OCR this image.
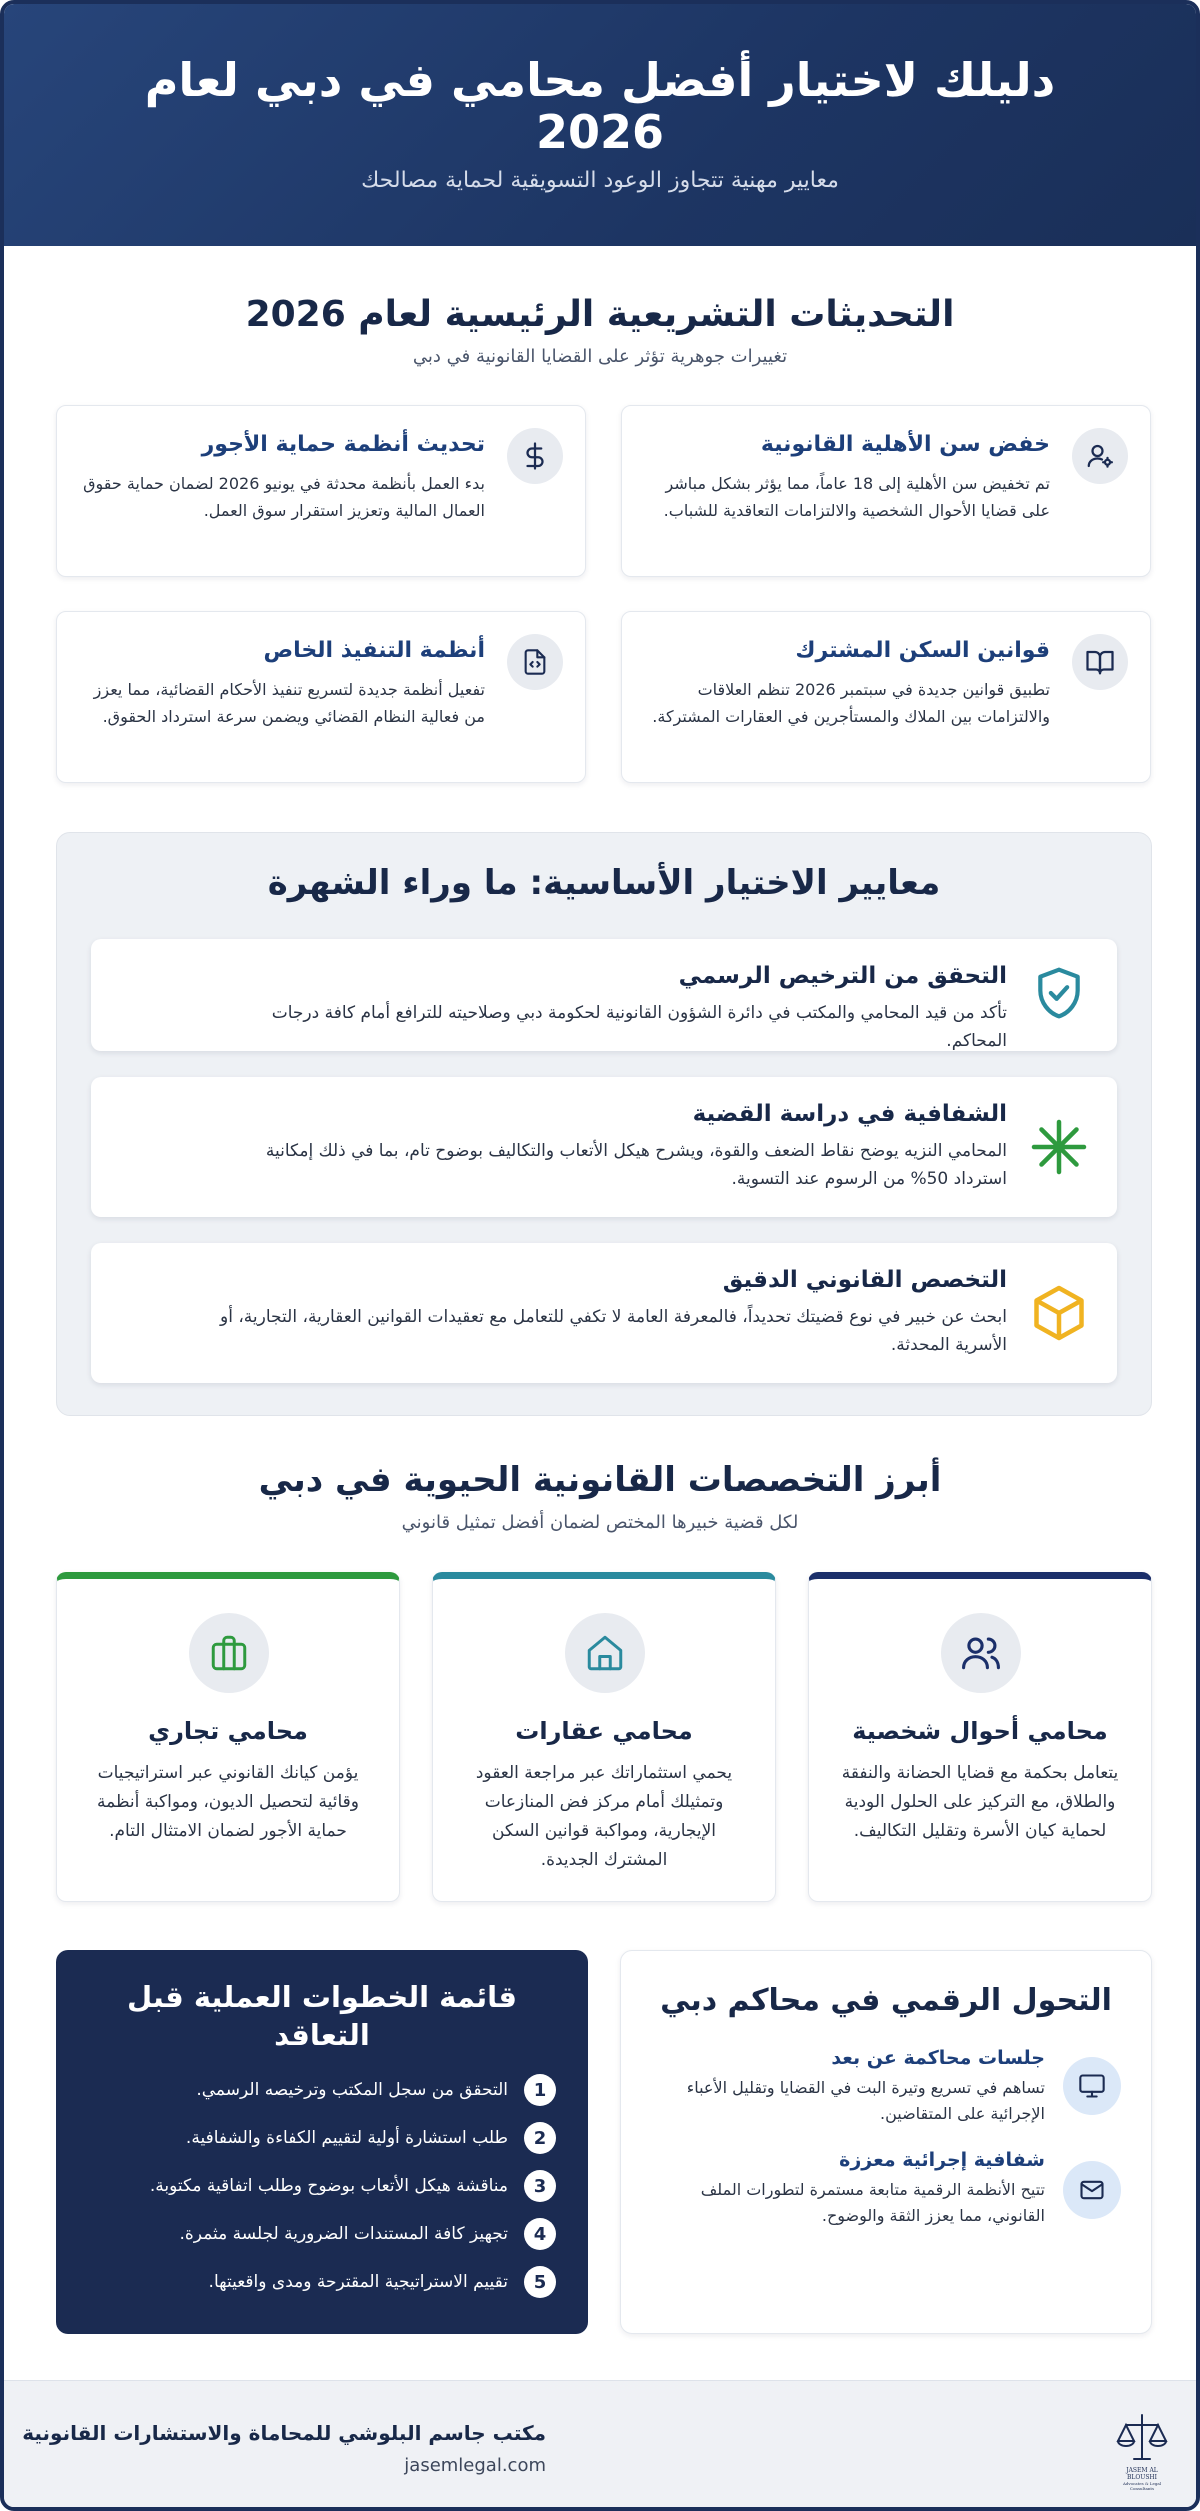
دليلك لاختيار أفضل محامي في دبي لعام 2026

معايير مهنية تتجاوز الوعود التسويقية لحماية مصالحك

التحديثات التشريعية الرئيسية لعام 2026

تغييرات جوهرية تؤثر على القضايا القانونية في دبي

خفض سن الأهلية القانونية

تم تخفيض سن الأهلية إلى 18 عاماً، مما يؤثر بشكل مباشر على قضايا الأحوال الشخصية والالتزامات التعاقدية للشباب.

تحديث أنظمة حماية الأجور

بدء العمل بأنظمة محدثة في يونيو 2026 لضمان حماية حقوق العمال المالية وتعزيز استقرار سوق العمل.

قوانين السكن المشترك

تطبيق قوانين جديدة في سبتمبر 2026 تنظم العلاقات والالتزامات بين الملاك والمستأجرين في العقارات المشتركة.

أنظمة التنفيذ الخاص

تفعيل أنظمة جديدة لتسريع تنفيذ الأحكام القضائية، مما يعزز من فعالية النظام القضائي ويضمن سرعة استرداد الحقوق.

معايير الاختيار الأساسية: ما وراء الشهرة
التحقق من الترخيص الرسمي

تأكد من قيد المحامي والمكتب في دائرة الشؤون القانونية لحكومة دبي وصلاحيته للترافع أمام كافة درجات المحاكم.

الشفافية في دراسة القضية

المحامي النزيه يوضح نقاط الضعف والقوة، ويشرح هيكل الأتعاب والتكاليف بوضوح تام، بما في ذلك إمكانية استرداد 50% من الرسوم عند التسوية.

التخصص القانوني الدقيق

ابحث عن خبير في نوع قضيتك تحديداً، فالمعرفة العامة لا تكفي للتعامل مع تعقيدات القوانين العقارية، التجارية، أو الأسرية المحدثة.

أبرز التخصصات القانونية الحيوية في دبي

لكل قضية خبيرها المختص لضمان أفضل تمثيل قانوني

محامي أحوال شخصية

يتعامل بحكمة مع قضايا الحضانة والنفقة والطلاق، مع التركيز على الحلول الودية لحماية كيان الأسرة وتقليل التكاليف.

محامي عقارات

يحمي استثماراتك عبر مراجعة العقود وتمثيلك أمام مركز فض المنازعات الإيجارية، ومواكبة قوانين السكن المشترك الجديدة.

محامي تجاري

يؤمن كيانك القانوني عبر استراتيجيات وقائية لتحصيل الديون، ومواكبة أنظمة حماية الأجور لضمان الامتثال التام.

قائمة الخطوات العملية قبل التعاقد
1
التحقق من سجل المكتب وترخيصه الرسمي.
2
طلب استشارة أولية لتقييم الكفاءة والشفافية.
3
مناقشة هيكل الأتعاب بوضوح وطلب اتفاقية مكتوبة.
4
تجهيز كافة المستندات الضرورية لجلسة مثمرة.
5
تقييم الاستراتيجية المقترحة ومدى واقعيتها.
التحول الرقمي في محاكم دبي
جلسات محاكمة عن بعد

تساهم في تسريع وتيرة البت في القضايا وتقليل الأعباء الإجرائية على المتقاضين.

شفافية إجرائية معززة

تتيح الأنظمة الرقمية متابعة مستمرة لتطورات الملف القانوني، مما يعزز الثقة والوضوح.

JASEM AL BLOUSHI
Advocates & Legal Consultants
مكتب جاسم البلوشي للمحاماة والاستشارات القانونية
jasemlegal.com
